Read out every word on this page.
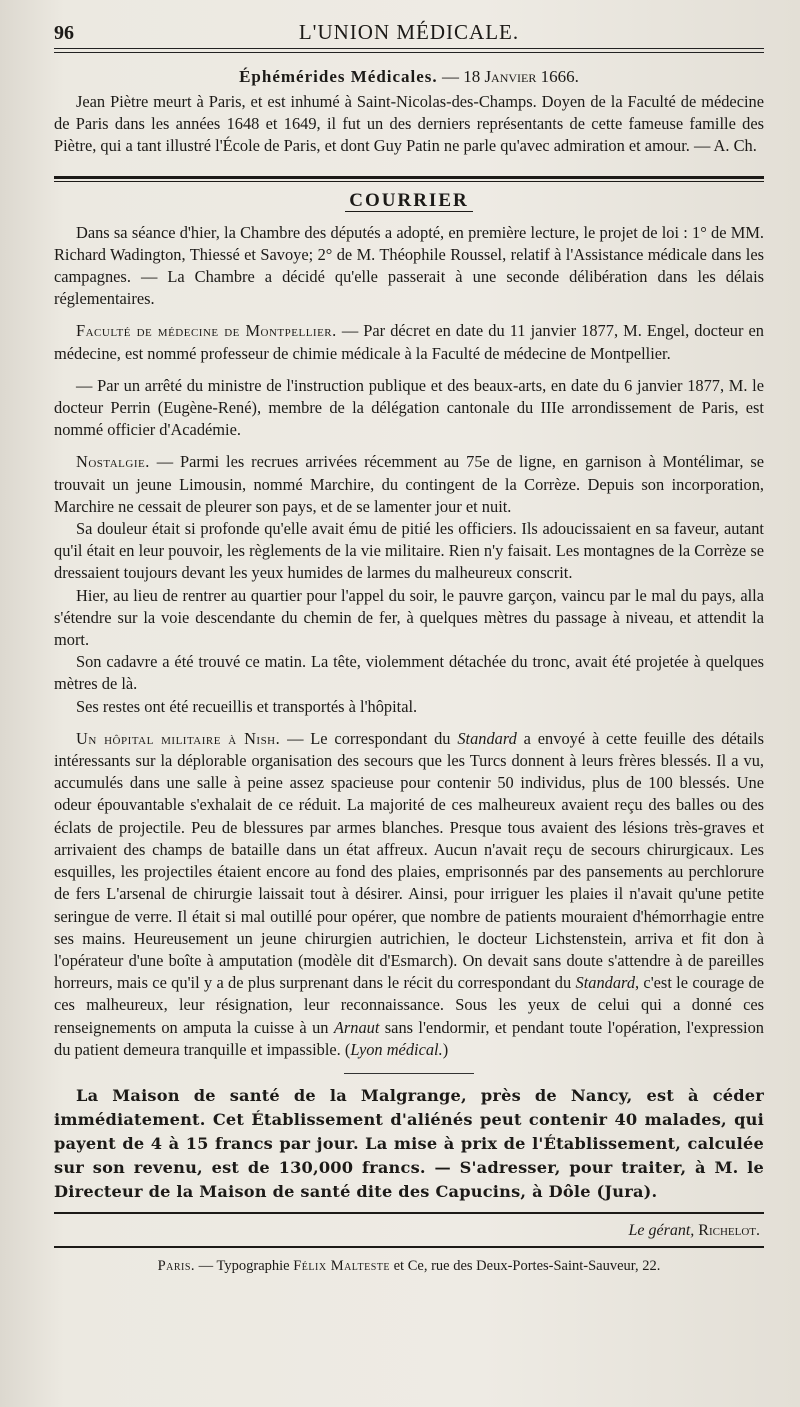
96	L'UNION MÉDICALE.
Éphémérides Médicales. — 18 Janvier 1666.

Jean Piètre meurt à Paris, et est inhumé à Saint-Nicolas-des-Champs. Doyen de la Faculté de médecine de Paris dans les années 1648 et 1649, il fut un des derniers représentants de cette fameuse famille des Piètre, qui a tant illustré l'École de Paris, et dont Guy Patin ne parle qu'avec admiration et amour. — A. Ch.

COURRIER

Dans sa séance d'hier, la Chambre des députés a adopté, en première lecture, le projet de loi : 1° de MM. Richard Wadington, Thiessé et Savoye; 2° de M. Théophile Roussel, relatif à l'Assistance médicale dans les campagnes. — La Chambre a décidé qu'elle passerait à une seconde délibération dans les délais réglementaires.

Faculté de médecine de Montpellier. — Par décret en date du 11 janvier 1877, M. Engel, docteur en médecine, est nommé professeur de chimie médicale à la Faculté de médecine de Montpellier.

— Par un arrêté du ministre de l'instruction publique et des beaux-arts, en date du 6 janvier 1877, M. le docteur Perrin (Eugène-René), membre de la délégation cantonale du IIIe arrondissement de Paris, est nommé officier d'Académie.

Nostalgie. — Parmi les recrues arrivées récemment au 75e de ligne, en garnison à Montélimar, se trouvait un jeune Limousin, nommé Marchire, du contingent de la Corrèze. Depuis son incorporation, Marchire ne cessait de pleurer son pays, et de se lamenter jour et nuit.

Sa douleur était si profonde qu'elle avait ému de pitié les officiers. Ils adoucissaient en sa faveur, autant qu'il était en leur pouvoir, les règlements de la vie militaire. Rien n'y faisait. Les montagnes de la Corrèze se dressaient toujours devant les yeux humides de larmes du malheureux conscrit.

Hier, au lieu de rentrer au quartier pour l'appel du soir, le pauvre garçon, vaincu par le mal du pays, alla s'étendre sur la voie descendante du chemin de fer, à quelques mètres du passage à niveau, et attendit la mort.

Son cadavre a été trouvé ce matin. La tête, violemment détachée du tronc, avait été projetée à quelques mètres de là.

Ses restes ont été recueillis et transportés à l'hôpital.

Un hôpital militaire à Nish. — Le correspondant du Standard a envoyé à cette feuille des détails intéressants sur la déplorable organisation des secours que les Turcs donnent à leurs frères blessés. Il a vu, accumulés dans une salle à peine assez spacieuse pour contenir 50 individus, plus de 100 blessés. Une odeur épouvantable s'exhalait de ce réduit. La majorité de ces malheureux avaient reçu des balles ou des éclats de projectile. Peu de blessures par armes blanches. Presque tous avaient des lésions très-graves et arrivaient des champs de bataille dans un état affreux. Aucun n'avait reçu de secours chirurgicaux. Les esquilles, les projectiles étaient encore au fond des plaies, emprisonnés par des pansements au perchlorure de fers L'arsenal de chirurgie laissait tout à désirer. Ainsi, pour irriguer les plaies il n'avait qu'une petite seringue de verre. Il était si mal outillé pour opérer, que nombre de patients mouraient d'hémorrhagie entre ses mains. Heureusement un jeune chirurgien autrichien, le docteur Lichstenstein, arriva et fit don à l'opérateur d'une boîte à amputation (modèle dit d'Esmarch). On devait sans doute s'attendre à de pareilles horreurs, mais ce qu'il y a de plus surprenant dans le récit du correspondant du Standard, c'est le courage de ces malheureux, leur résignation, leur reconnaissance. Sous les yeux de celui qui a donné ces renseignements on amputa la cuisse à un Arnaut sans l'endormir, et pendant toute l'opération, l'expression du patient demeura tranquille et impassible. (Lyon médical.)

La Maison de santé de la Malgrange, près de Nancy, est à céder immédiatement. Cet Établissement d'aliénés peut contenir 40 malades, qui payent de 4 à 15 francs par jour. La mise à prix de l'Établissement, calculée sur son revenu, est de 130,000 francs. — S'adresser, pour traiter, à M. le Directeur de la Maison de santé dite des Capucins, à Dôle (Jura).

Le gérant, Richelot.
Paris. — Typographie Félix Malteste et Ce, rue des Deux-Portes-Saint-Sauveur, 22.
